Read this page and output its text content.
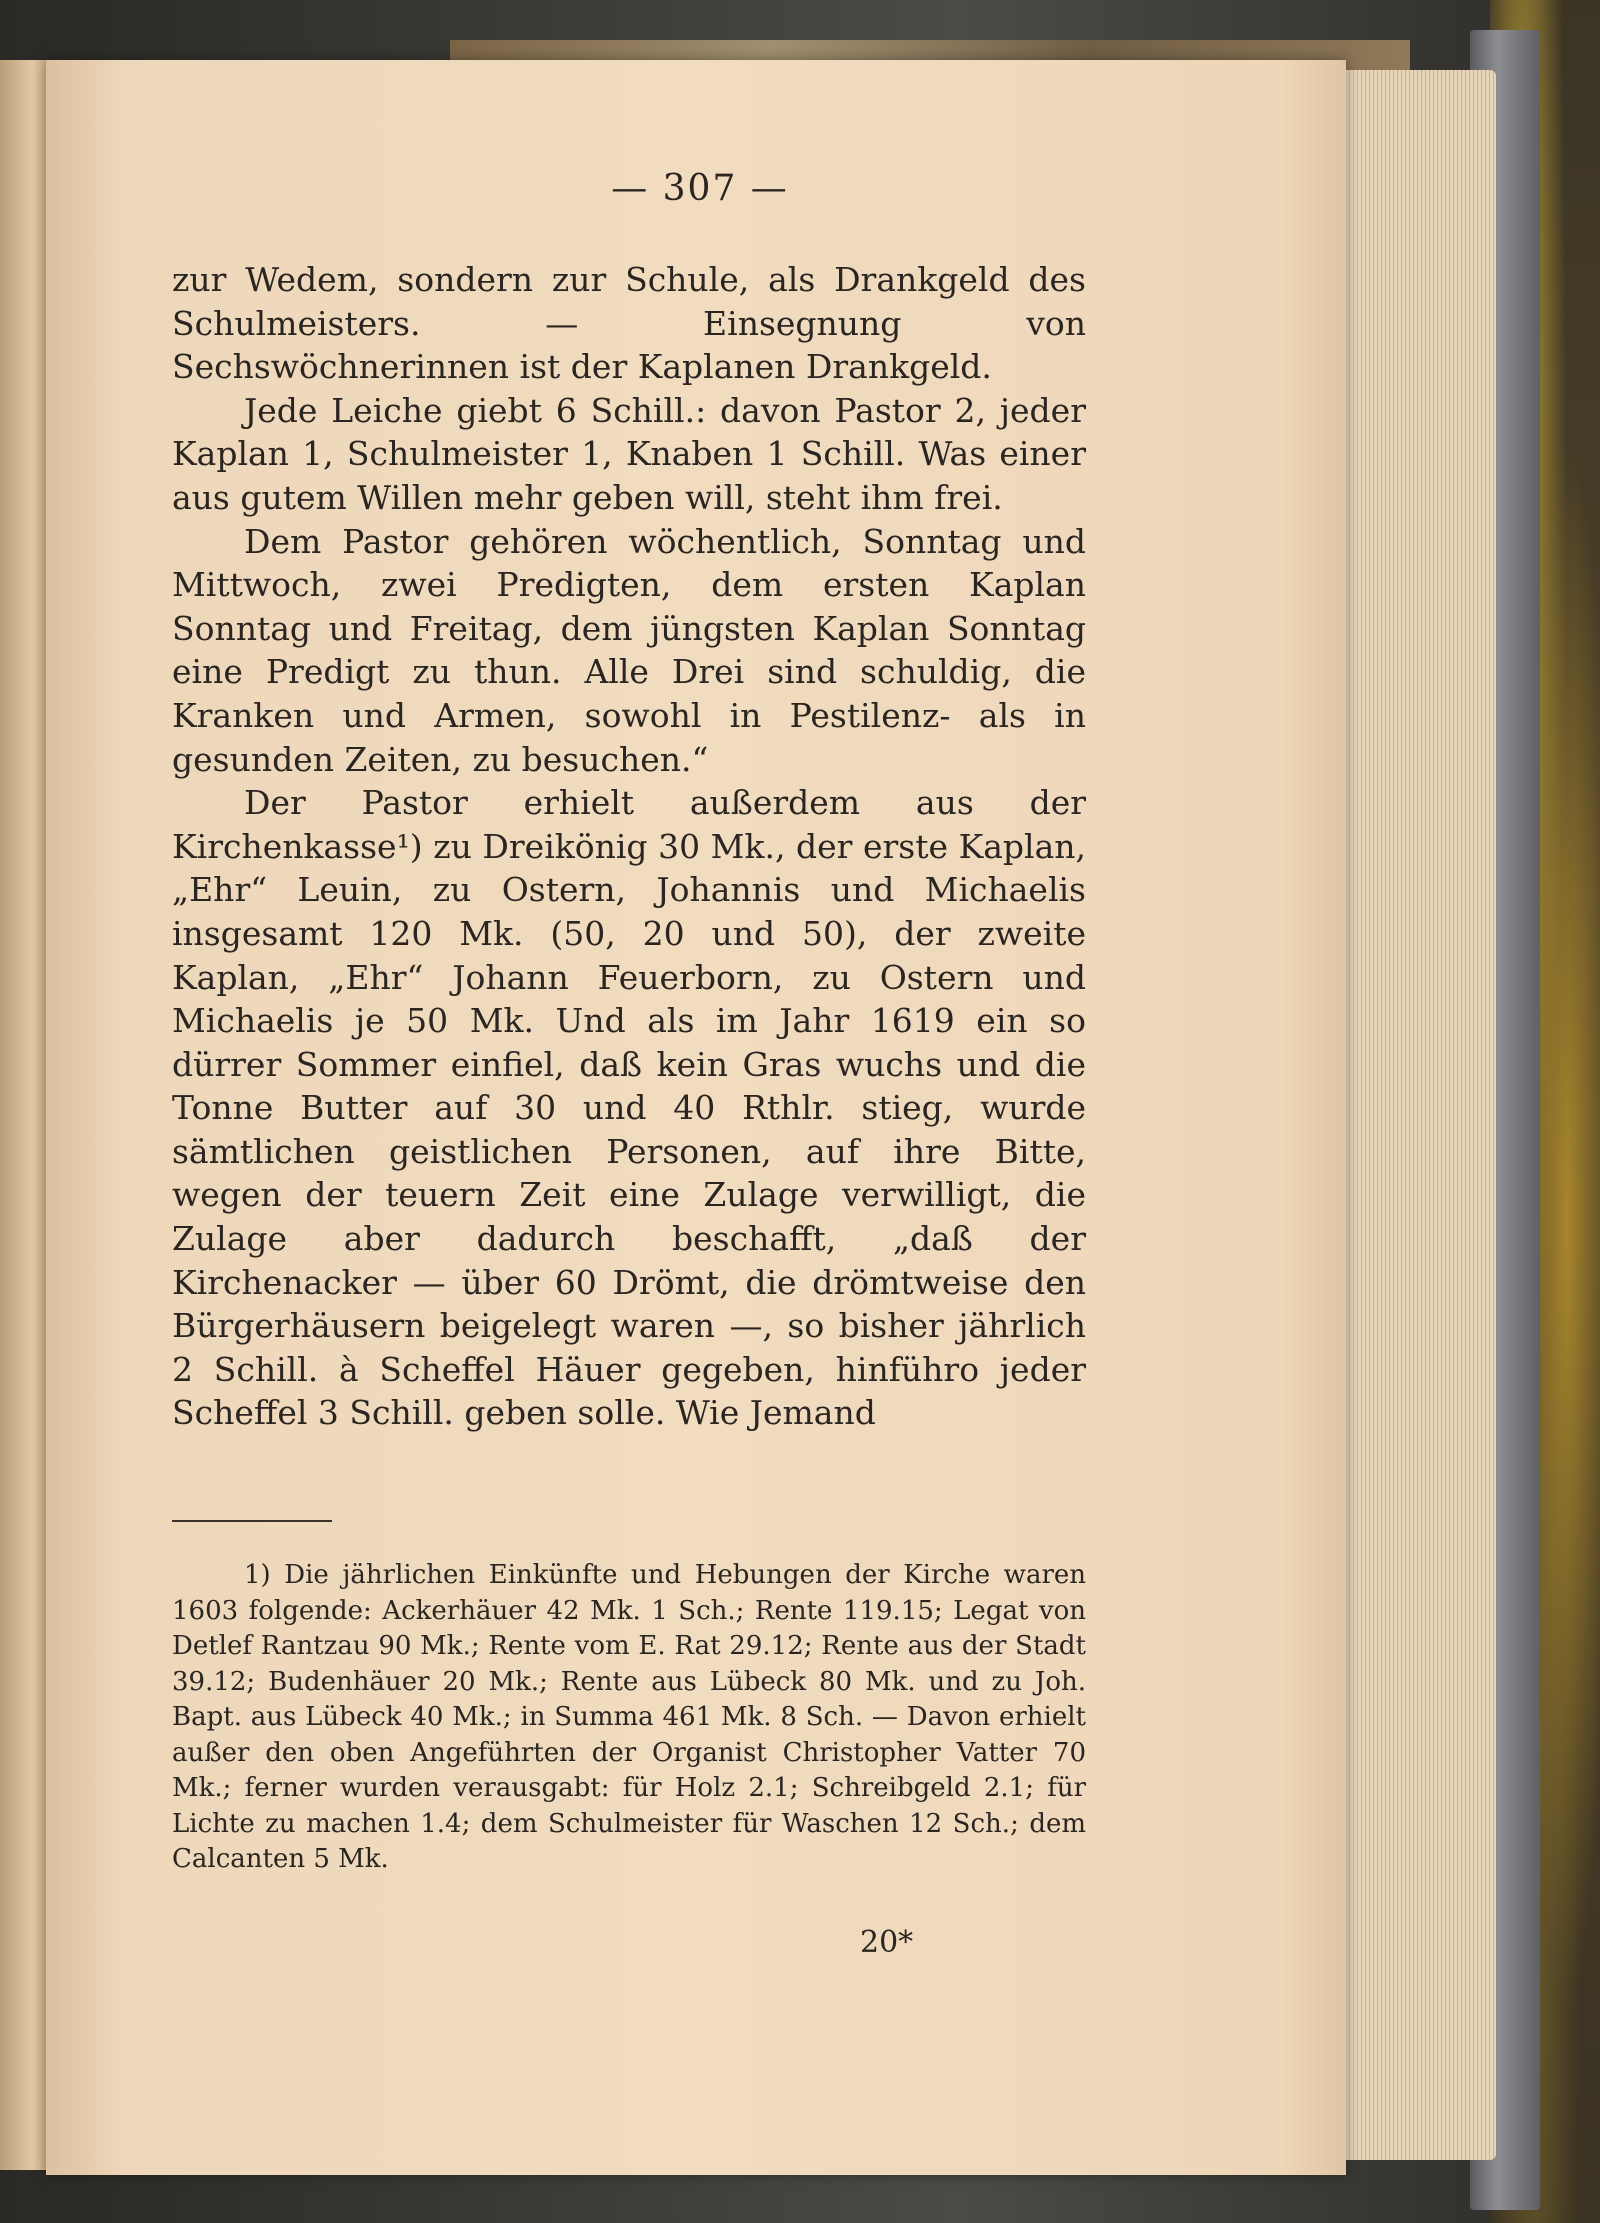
— 307 —

zur Wedem, sondern zur Schule, als Drankgeld des Schulmeisters. — Einsegnung von Sechswöchnerinnen ist der Kaplanen Drankgeld.

Jede Leiche giebt 6 Schill.: davon Pastor 2, jeder Kaplan 1, Schulmeister 1, Knaben 1 Schill. Was einer aus gutem Willen mehr geben will, steht ihm frei.

Dem Pastor gehören wöchentlich, Sonntag und Mittwoch, zwei Predigten, dem ersten Kaplan Sonntag und Freitag, dem jüngsten Kaplan Sonntag eine Predigt zu thun. Alle Drei sind schuldig, die Kranken und Armen, sowohl in Pestilenz- als in gesunden Zeiten, zu besuchen.“

Der Pastor erhielt außerdem aus der Kirchenkasse¹) zu Dreikönig 30 Mk., der erste Kaplan, „Ehr“ Leuin, zu Ostern, Johannis und Michaelis insgesamt 120 Mk. (50, 20 und 50), der zweite Kaplan, „Ehr“ Johann Feuerborn, zu Ostern und Michaelis je 50 Mk. Und als im Jahr 1619 ein so dürrer Sommer einfiel, daß kein Gras wuchs und die Tonne Butter auf 30 und 40 Rthlr. stieg, wurde sämtlichen geistlichen Personen, auf ihre Bitte, wegen der teuern Zeit eine Zulage verwilligt, die Zulage aber dadurch beschafft, „daß der Kirchenacker — über 60 Drömt, die drömtweise den Bürgerhäusern beigelegt waren —, so bisher jährlich 2 Schill. à Scheffel Häuer gegeben, hinführo jeder Scheffel 3 Schill. geben solle. Wie Jemand

1) Die jährlichen Einkünfte und Hebungen der Kirche waren 1603 folgende: Ackerhäuer 42 Mk. 1 Sch.; Rente 119.15; Legat von Detlef Rantzau 90 Mk.; Rente vom E. Rat 29.12; Rente aus der Stadt 39.12; Budenhäuer 20 Mk.; Rente aus Lübeck 80 Mk. und zu Joh. Bapt. aus Lübeck 40 Mk.; in Summa 461 Mk. 8 Sch. — Davon erhielt außer den oben Angeführten der Organist Christopher Vatter 70 Mk.; ferner wurden verausgabt: für Holz 2.1; Schreibgeld 2.1; für Lichte zu machen 1.4; dem Schulmeister für Waschen 12 Sch.; dem Calcanten 5 Mk.

20*
